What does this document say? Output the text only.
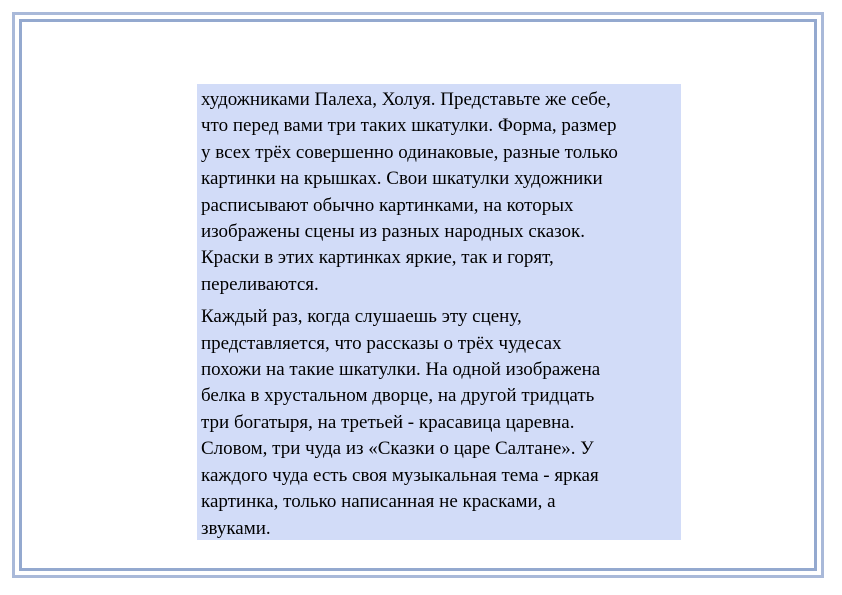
художниками Палеха, Холуя. Представьте же себе,
что перед вами три таких шкатулки. Форма, размер
у всех трёх совершенно одинаковые, разные только
картинки на крышках. Свои шкатулки художники
расписывают обычно картинками, на которых
изображены сцены из разных народных сказок.
Краски в этих картинках яркие, так и горят,
переливаются.

Каждый раз, когда слушаешь эту сцену,
представляется, что рассказы о трёх чудесах
похожи на такие шкатулки. На одной изображена
белка в хрустальном дворце, на другой тридцать
три богатыря, на третьей - красавица царевна.
Словом, три чуда из «Сказки о царе Салтане». У
каждого чуда есть своя музыкальная тема - яркая
картинка, только написанная не красками, а
звуками.
